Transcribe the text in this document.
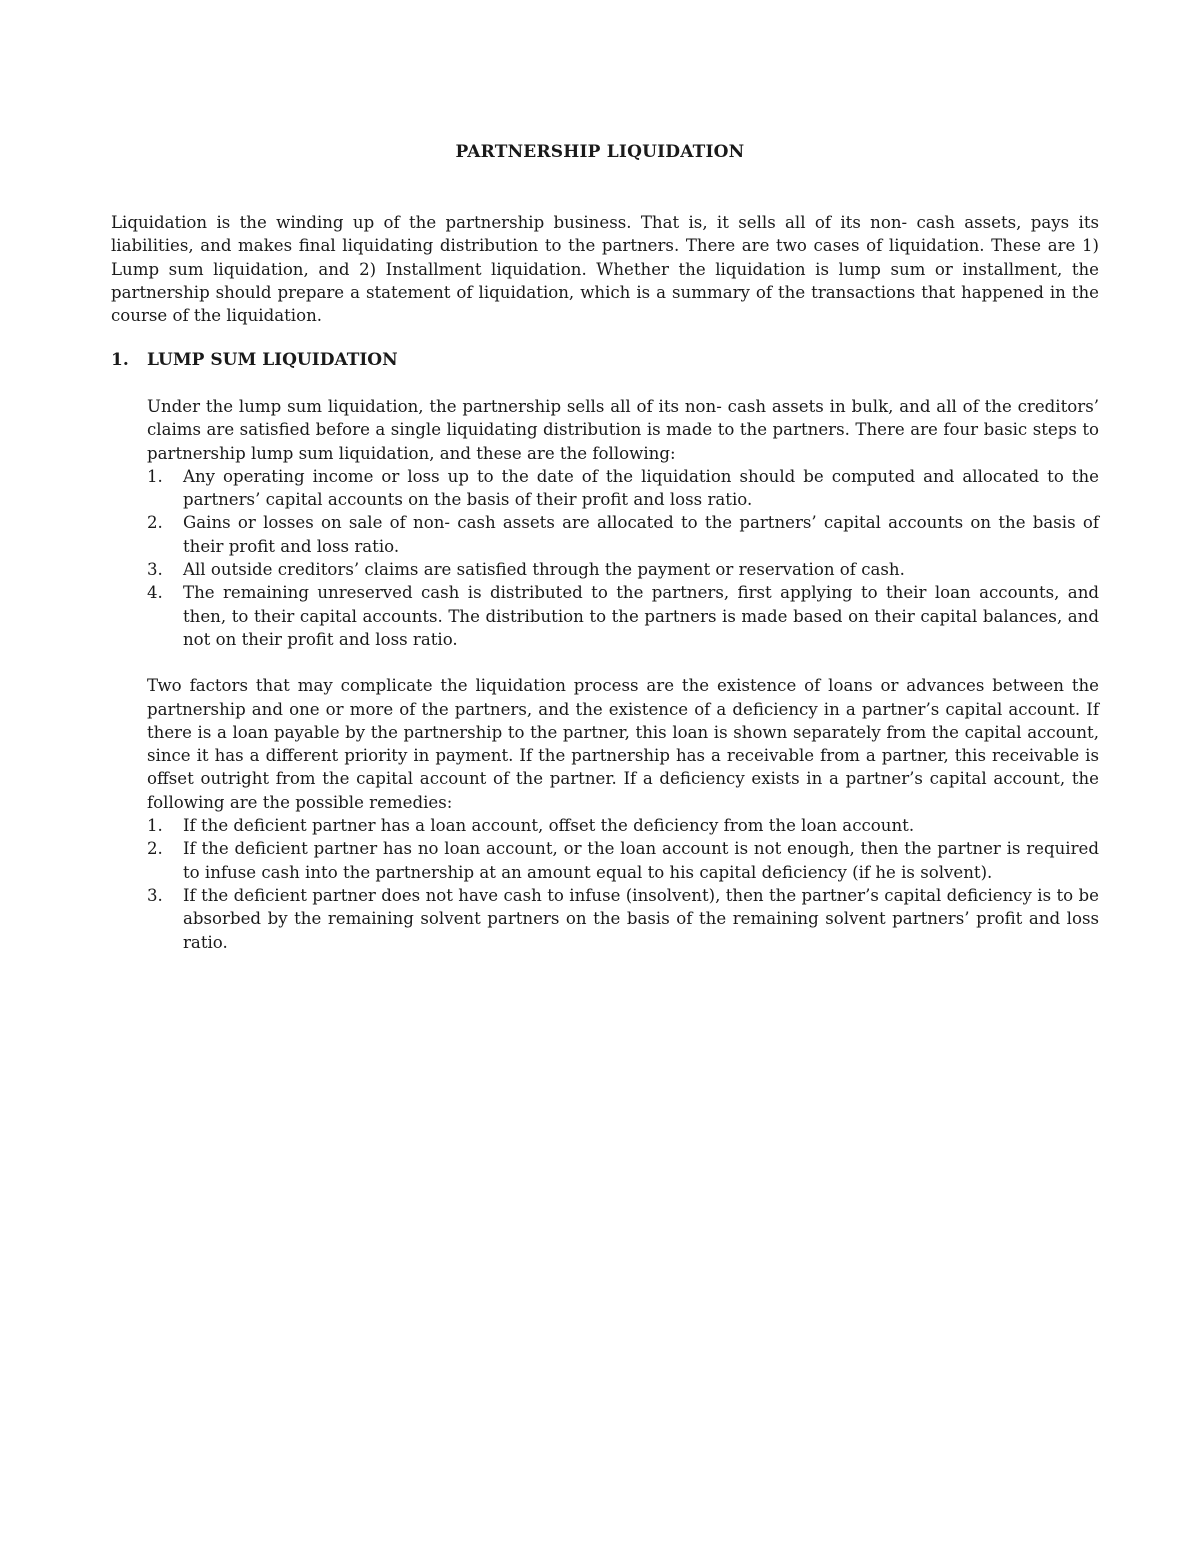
PARTNERSHIP LIQUIDATION
Liquidation is the winding up of the partnership business. That is, it sells all of its non- cash assets, pays its liabilities, and makes final liquidating distribution to the partners. There are two cases of liquidation. These are 1) Lump sum liquidation, and 2) Installment liquidation. Whether the liquidation is lump sum or installment, the partnership should prepare a statement of liquidation, which is a summary of the transactions that happened in the course of the liquidation.
1. LUMP SUM LIQUIDATION

Under the lump sum liquidation, the partnership sells all of its non- cash assets in bulk, and all of the creditors’ claims are satisfied before a single liquidating distribution is made to the partners. There are four basic steps to partnership lump sum liquidation, and these are the following:

1. Any operating income or loss up to the date of the liquidation should be computed and allocated to the partners’ capital accounts on the basis of their profit and loss ratio.
2. Gains or losses on sale of non- cash assets are allocated to the partners’ capital accounts on the basis of their profit and loss ratio.
3. All outside creditors’ claims are satisfied through the payment or reservation of cash.
4. The remaining unreserved cash is distributed to the partners, first applying to their loan accounts, and then, to their capital accounts. The distribution to the partners is made based on their capital balances, and not on their profit and loss ratio.

Two factors that may complicate the liquidation process are the existence of loans or advances between the partnership and one or more of the partners, and the existence of a deficiency in a partner’s capital account. If there is a loan payable by the partnership to the partner, this loan is shown separately from the capital account, since it has a different priority in payment. If the partnership has a receivable from a partner, this receivable is offset outright from the capital account of the partner. If a deficiency exists in a partner’s capital account, the following are the possible remedies:

1. If the deficient partner has a loan account, offset the deficiency from the loan account.
2. If the deficient partner has no loan account, or the loan account is not enough, then the partner is required to infuse cash into the partnership at an amount equal to his capital deficiency (if he is solvent).
3. If the deficient partner does not have cash to infuse (insolvent), then the partner’s capital deficiency is to be absorbed by the remaining solvent partners on the basis of the remaining solvent partners’ profit and loss ratio.
